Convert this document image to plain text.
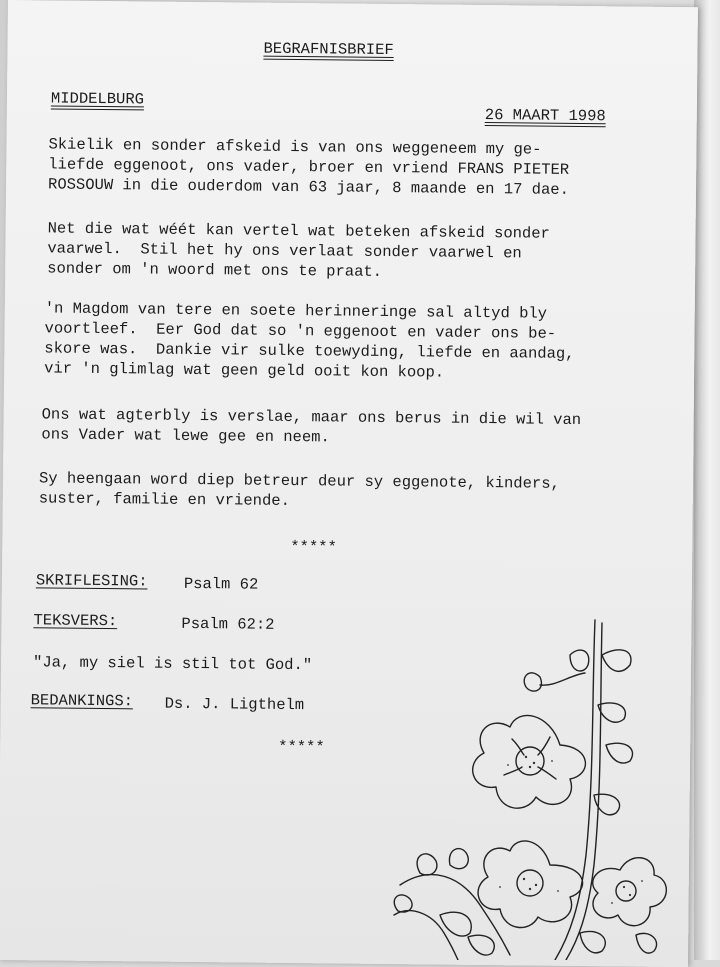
BEGRAFNISBRIEF
MIDDELBURG
26 MAART 1998
Skielik en sonder afskeid is van ons weggeneem my ge-
liefde eggenoot, ons vader, broer en vriend FRANS PIETER
ROSSOUW in die ouderdom van 63 jaar, 8 maande en 17 dae.
Net die wat wéét kan vertel wat beteken afskeid sonder
vaarwel.  Stil het hy ons verlaat sonder vaarwel en
sonder om 'n woord met ons te praat.
'n Magdom van tere en soete herinneringe sal altyd bly
voortleef.  Eer God dat so 'n eggenoot en vader ons be-
skore was.  Dankie vir sulke toewyding, liefde en aandag,
vir 'n glimlag wat geen geld ooit kon koop.
Ons wat agterbly is verslae, maar ons berus in die wil van
ons Vader wat lewe gee en neem.
Sy heengaan word diep betreur deur sy eggenote, kinders,
suster, familie en vriende.
*****
SKRIFLESING: Psalm 62
TEKSVERS:	Psalm 62:2
"Ja, my siel is stil tot God."
BEDANKINGS: Ds. J. Ligthelm
*****
